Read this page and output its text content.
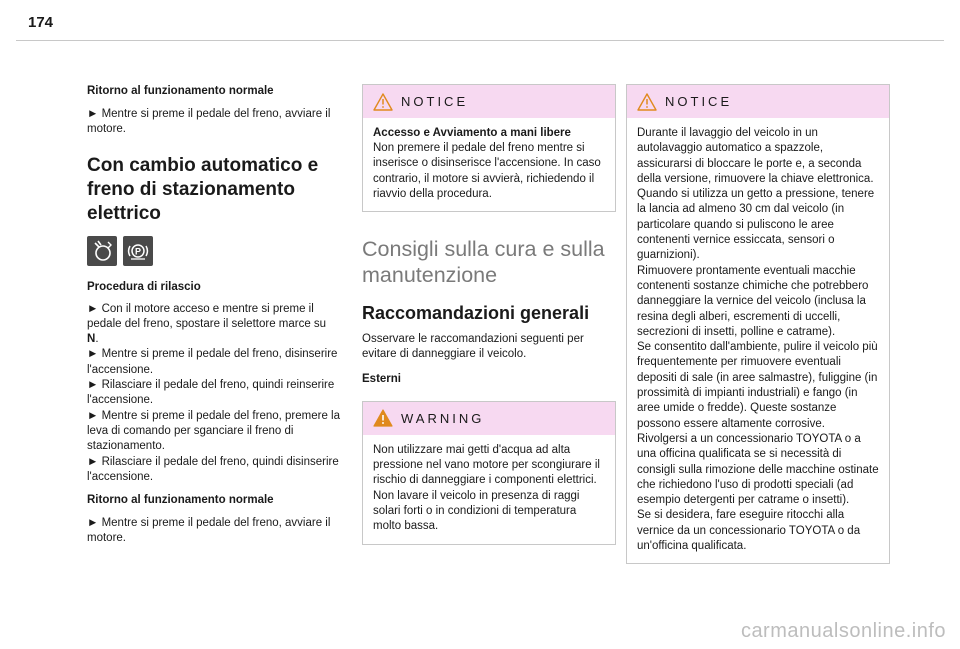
174
Ritorno al funzionamento normale

► Mentre si preme il pedale del freno, avviare il motore.

Con cambio automatico e freno di stazionamento elettrico
P
Procedura di rilascio

► Con il motore acceso e mentre si preme il pedale del freno, spostare il selettore marce su
N.

► Mentre si preme il pedale del freno, disinserire l'accensione.

► Rilasciare il pedale del freno, quindi reinserire l'accensione.

► Mentre si preme il pedale del freno, premere la leva di comando per sganciare il freno di stazionamento.

► Rilasciare il pedale del freno, quindi disinserire l'accensione.

Ritorno al funzionamento normale

► Mentre si preme il pedale del freno, avviare il motore.

NOTICE
Accesso e Avviamento a mani libere

Non premere il pedale del freno mentre si inserisce o disinserisce l'accensione. In caso contrario, il motore si avvierà, richiedendo il riavvio della procedura.

Consigli sulla cura e sulla manutenzione
Raccomandazioni generali

Osservare le raccomandazioni seguenti per evitare di danneggiare il veicolo.

Esterni
WARNING

Non utilizzare mai getti d'acqua ad alta pressione nel vano motore per scongiurare il rischio di danneggiare i componenti elettrici. Non lavare il veicolo in presenza di raggi solari forti o in condizioni di temperatura molto bassa.

NOTICE

Durante il lavaggio del veicolo in un autolavaggio automatico a spazzole, assicurarsi di bloccare le porte e, a seconda della versione, rimuovere la chiave elettronica.

Quando si utilizza un getto a pressione, tenere la lancia ad almeno 30 cm dal veicolo (in particolare quando si puliscono le aree contenenti vernice essiccata, sensori o guarnizioni).

Rimuovere prontamente eventuali macchie contenenti sostanze chimiche che potrebbero danneggiare la vernice del veicolo (inclusa la resina degli alberi, escrementi di uccelli, secrezioni di insetti, polline e catrame).

Se consentito dall'ambiente, pulire il veicolo più frequentemente per rimuovere eventuali depositi di sale (in aree salmastre), fuliggine (in prossimità di impianti industriali) e fango (in aree umide o fredde). Queste sostanze possono essere altamente corrosive.

Rivolgersi a un concessionario TOYOTA o a una officina qualificata se si necessità di consigli sulla rimozione delle macchine ostinate che richiedono l'uso di prodotti speciali (ad esempio detergenti per catrame o insetti).

Se si desidera, fare eseguire ritocchi alla vernice da un concessionario TOYOTA o da un'officina qualificata.

carmanualsonline.info
